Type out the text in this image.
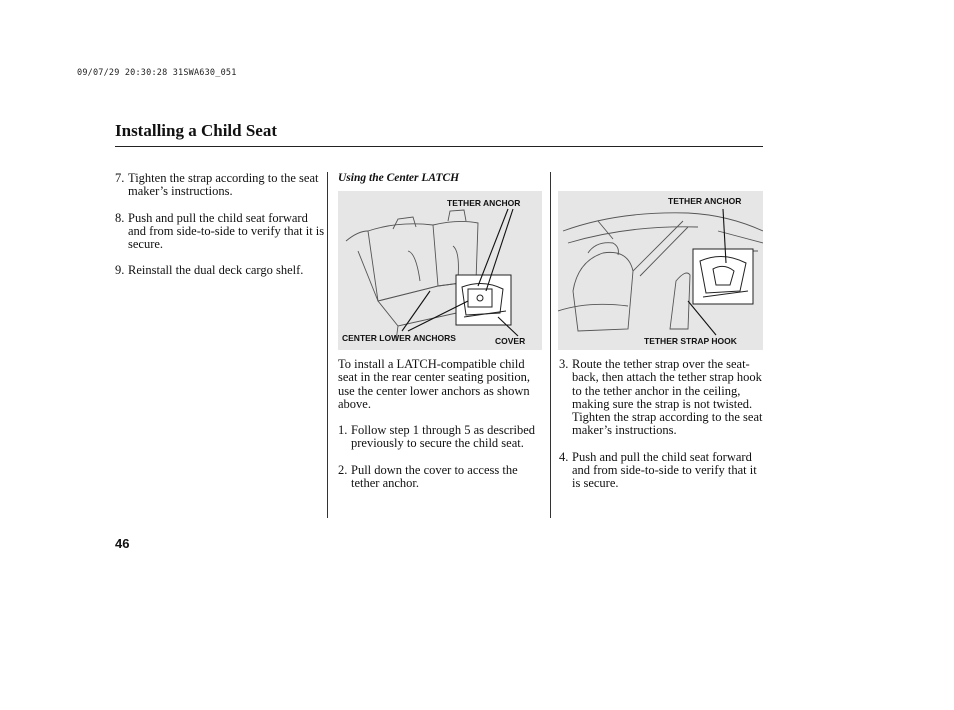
09/07/29 20:30:28 31SWA630_051
Installing a Child Seat
7. Tighten the strap according to the seat maker’s instructions.
8. Push and pull the child seat forward and from side-to-side to verify that it is secure.
9. Reinstall the dual deck cargo shelf.
Using the Center LATCH
TETHER ANCHOR
CENTER LOWER ANCHORS	COVER
To install a LATCH-compatible child seat in the rear center seating position, use the center lower anchors as shown above.
1. Follow step 1 through 5 as described previously to secure the child seat.
2. Pull down the cover to access the tether anchor.
TETHER ANCHOR
TETHER STRAP HOOK
3. Route the tether strap over the seat-back, then attach the tether strap hook to the tether anchor in the ceiling, making sure the strap is not twisted. Tighten the strap according to the seat maker’s instructions.
4. Push and pull the child seat forward and from side-to-side to verify that it is secure.
46
